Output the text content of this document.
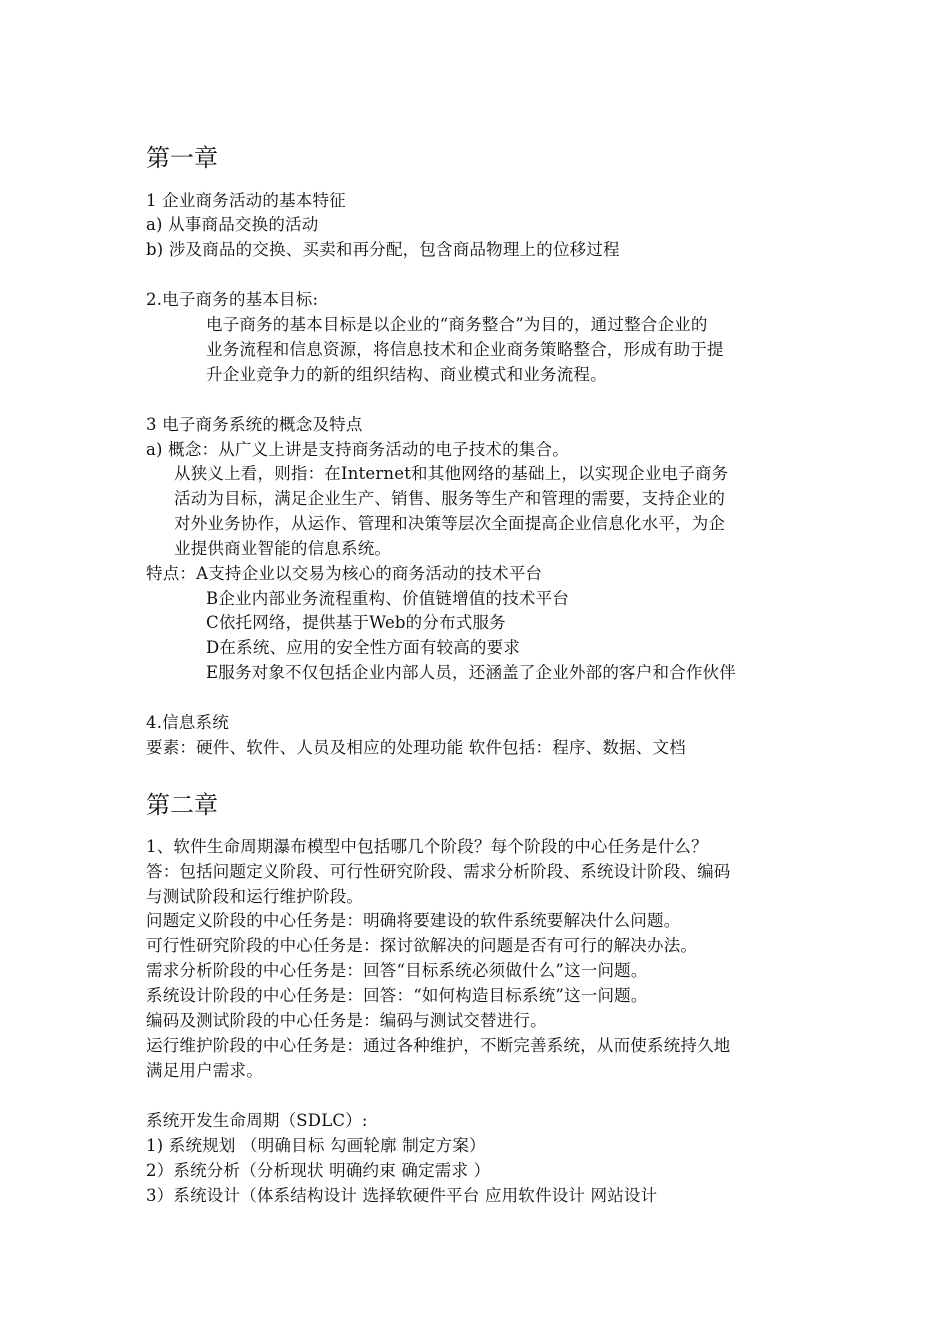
第一章
1 企业商务活动的基本特征
a) 从事商品交换的活动
b) 涉及商品的交换、买卖和再分配，包含商品物理上的位移过程
2.电子商务的基本目标:
电子商务的基本目标是以企业的“商务整合”为目的，通过整合企业的
业务流程和信息资源，将信息技术和企业商务策略整合，形成有助于提
升企业竞争力的新的组织结构、商业模式和业务流程。
3 电子商务系统的概念及特点
a) 概念：从广义上讲是支持商务活动的电子技术的集合。
从狭义上看，则指：在Internet和其他网络的基础上，以实现企业电子商务
活动为目标，满足企业生产、销售、服务等生产和管理的需要，支持企业的
对外业务协作，从运作、管理和决策等层次全面提高企业信息化水平，为企
业提供商业智能的信息系统。
特点：A支持企业以交易为核心的商务活动的技术平台
B企业内部业务流程重构、价值链增值的技术平台
C依托网络，提供基于Web的分布式服务
D在系统、应用的安全性方面有较高的要求
E服务对象不仅包括企业内部人员，还涵盖了企业外部的客户和合作伙伴
4.信息系统
要素：硬件、软件、人员及相应的处理功能 软件包括：程序、数据、文档
第二章
1、软件生命周期瀑布模型中包括哪几个阶段？每个阶段的中心任务是什么？
答：包括问题定义阶段、可行性研究阶段、需求分析阶段、系统设计阶段、编码
与测试阶段和运行维护阶段。
问题定义阶段的中心任务是：明确将要建设的软件系统要解决什么问题。
可行性研究阶段的中心任务是：探讨欲解决的问题是否有可行的解决办法。
需求分析阶段的中心任务是：回答“目标系统必须做什么”这一问题。
系统设计阶段的中心任务是：回答：“如何构造目标系统”这一问题。
编码及测试阶段的中心任务是：编码与测试交替进行。
运行维护阶段的中心任务是：通过各种维护，不断完善系统，从而使系统持久地
满足用户需求。
系统开发生命周期（SDLC）:
1) 系统规划 （明确目标 勾画轮廓 制定方案）
2）系统分析（分析现状 明确约束 确定需求 ）
3）系统设计（体系结构设计 选择软硬件平台 应用软件设计 网站设计
